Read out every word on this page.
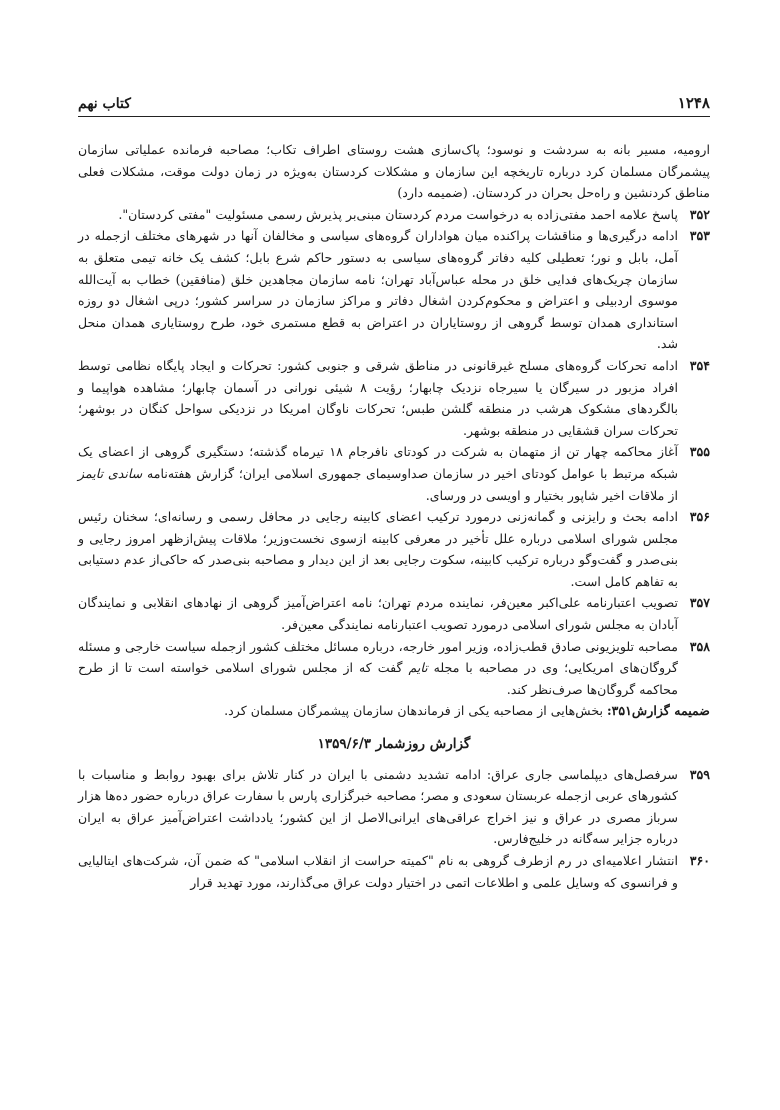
۱۲۴۸
کتاب نهم

ارومیه، مسیر بانه به سردشت و نوسود؛ پاک‌سازی هشت روستای اطراف تکاب؛ مصاحبه فرمانده عملیاتی سازمان پیشمرگان مسلمان کرد درباره تاریخچه این سازمان و مشکلات کردستان به‌ویژه در زمان دولت موقت، مشکلات فعلی مناطق کردنشین و راه‌حل بحران در کردستان. (ضمیمه دارد)

۳۵۲
پاسخ علامه احمد مفتی‌زاده به درخواست مردم کردستان مبنی‌بر پذیرش رسمی مسئولیت "مفتی کردستان".
۳۵۳
ادامه درگیری‌ها و مناقشات پراکنده میان هواداران گروه‌های سیاسی و مخالفان آنها در شهرهای مختلف ازجمله در آمل، بابل و نور؛ تعطیلی کلیه دفاتر گروه‌های سیاسی به دستور حاکم شرع بابل؛ کشف یک خانه تیمی متعلق به سازمان چریک‌های فدایی خلق در محله عباس‌آباد تهران؛ نامه سازمان مجاهدین خلق (منافقین) خطاب به آیت‌الله موسوی اردبیلی و اعتراض و محکوم‌کردن اشغال دفاتر و مراکز سازمان در سراسر کشور؛ درپی اشغال دو روزه استانداری همدان توسط گروهی از روستایاران در اعتراض به قطع مستمری خود، طرح روستایاری همدان منحل شد.
۳۵۴
ادامه تحرکات گروه‌های مسلح غیرقانونی در مناطق شرقی و جنوبی کشور: تحرکات و ایجاد پایگاه نظامی توسط افراد مزبور در سیرگان یا سیرجاه نزدیک چابهار؛ رؤیت ۸ شیئی نورانی در آسمان چابهار؛ مشاهده هواپیما و بالگردهای مشکوک هرشب در منطقه گلشن طبس؛ تحرکات ناوگان امریکا در نزدیکی سواحل کنگان در بوشهر؛ تحرکات سران قشقایی در منطقه بوشهر.
۳۵۵
آغاز محاکمه چهار تن از متهمان به شرکت در کودتای نافرجام ۱۸ تیرماه گذشته؛ دستگیری گروهی از اعضای یک شبکه مرتبط با عوامل کودتای اخیر در سازمان صداوسیمای جمهوری اسلامی ایران؛ گزارش هفته‌نامه ساندی تایمز از ملاقات اخیر شاپور بختیار و اویسی در ورسای.
۳۵۶
ادامه بحث و رایزنی و گمانه‌زنی درمورد ترکیب اعضای کابینه رجایی در محافل رسمی و رسانه‌ای؛ سخنان رئیس مجلس شورای اسلامی درباره علل تأخیر در معرفی کابینه ازسوی نخست‌وزیر؛ ملاقات پیش‌ازظهر امروز رجایی و بنی‌صدر و گفت‌وگو درباره ترکیب کابینه، سکوت رجایی بعد از این دیدار و مصاحبه بنی‌صدر که حاکی‌از عدم دستیابی به تفاهم کامل است.
۳۵۷
تصویب اعتبارنامه علی‌اکبر معین‌فر، نماینده مردم تهران؛ نامه اعتراض‌آمیز گروهی از نهادهای انقلابی و نمایندگان آبادان به مجلس شورای اسلامی درمورد تصویب اعتبارنامه نمایندگی معین‌فر.
۳۵۸
مصاحبه تلویزیونی صادق قطب‌زاده، وزیر امور خارجه، درباره مسائل مختلف کشور ازجمله سیاست خارجی و مسئله گروگان‌های امریکایی؛ وی در مصاحبه با مجله تایم گفت که از مجلس شورای اسلامی خواسته است تا از طرح محاکمه گروگان‌ها صرف‌نظر کند.

ضمیمه گزارش۳۵۱: بخش‌هایی از مصاحبه یکی از فرماندهان سازمان پیشمرگان مسلمان کرد.

گزارش روزشمار ۱۳۵۹/۶/۳
۳۵۹
سرفصل‌های دیپلماسی جاری عراق: ادامه تشدید دشمنی با ایران در کنار تلاش برای بهبود روابط و مناسبات با کشورهای عربی ازجمله عربستان سعودی و مصر؛ مصاحبه خبرگزاری پارس با سفارت عراق درباره حضور ده‌ها هزار سرباز مصری در عراق و نیز اخراج عراقی‌های ایرانی‌الاصل از این کشور؛ یادداشت اعتراض‌آمیز عراق به ایران درباره جزایر سه‌گانه در خلیج‌فارس.
۳۶۰
انتشار اعلامیه‌ای در رم ازطرف گروهی به نام "کمیته حراست از انقلاب اسلامی" که ضمن آن، شرکت‌های ایتالیایی و فرانسوی که وسایل علمی و اطلاعات اتمی در اختیار دولت عراق می‌گذارند، مورد تهدید قرار
